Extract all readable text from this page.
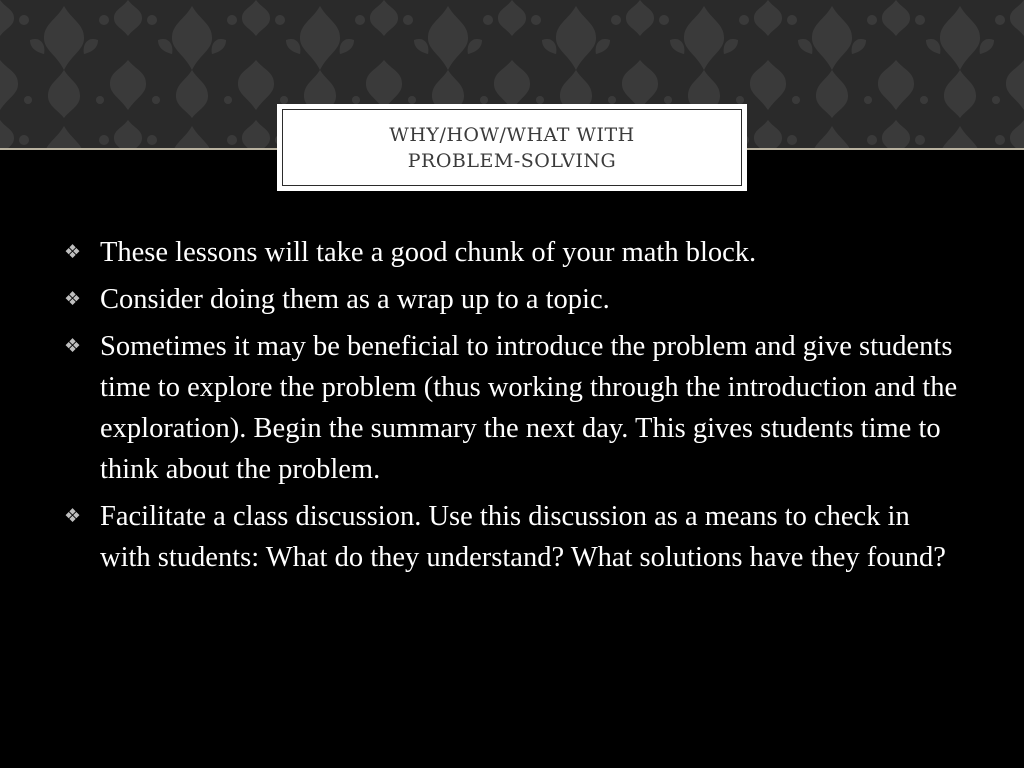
WHY/HOW/WHAT WITH
PROBLEM-SOLVING
❖ These lessons will take a good chunk of your math block.
❖ Consider doing them as a wrap up to a topic.
❖ Sometimes it may be beneficial to introduce the problem and give students time to explore the problem (thus working through the introduction and the exploration). Begin the summary the next day. This gives students time to think about the problem.
❖ Facilitate a class discussion. Use this discussion as a means to check in with students: What do they understand? What solutions have they found?
